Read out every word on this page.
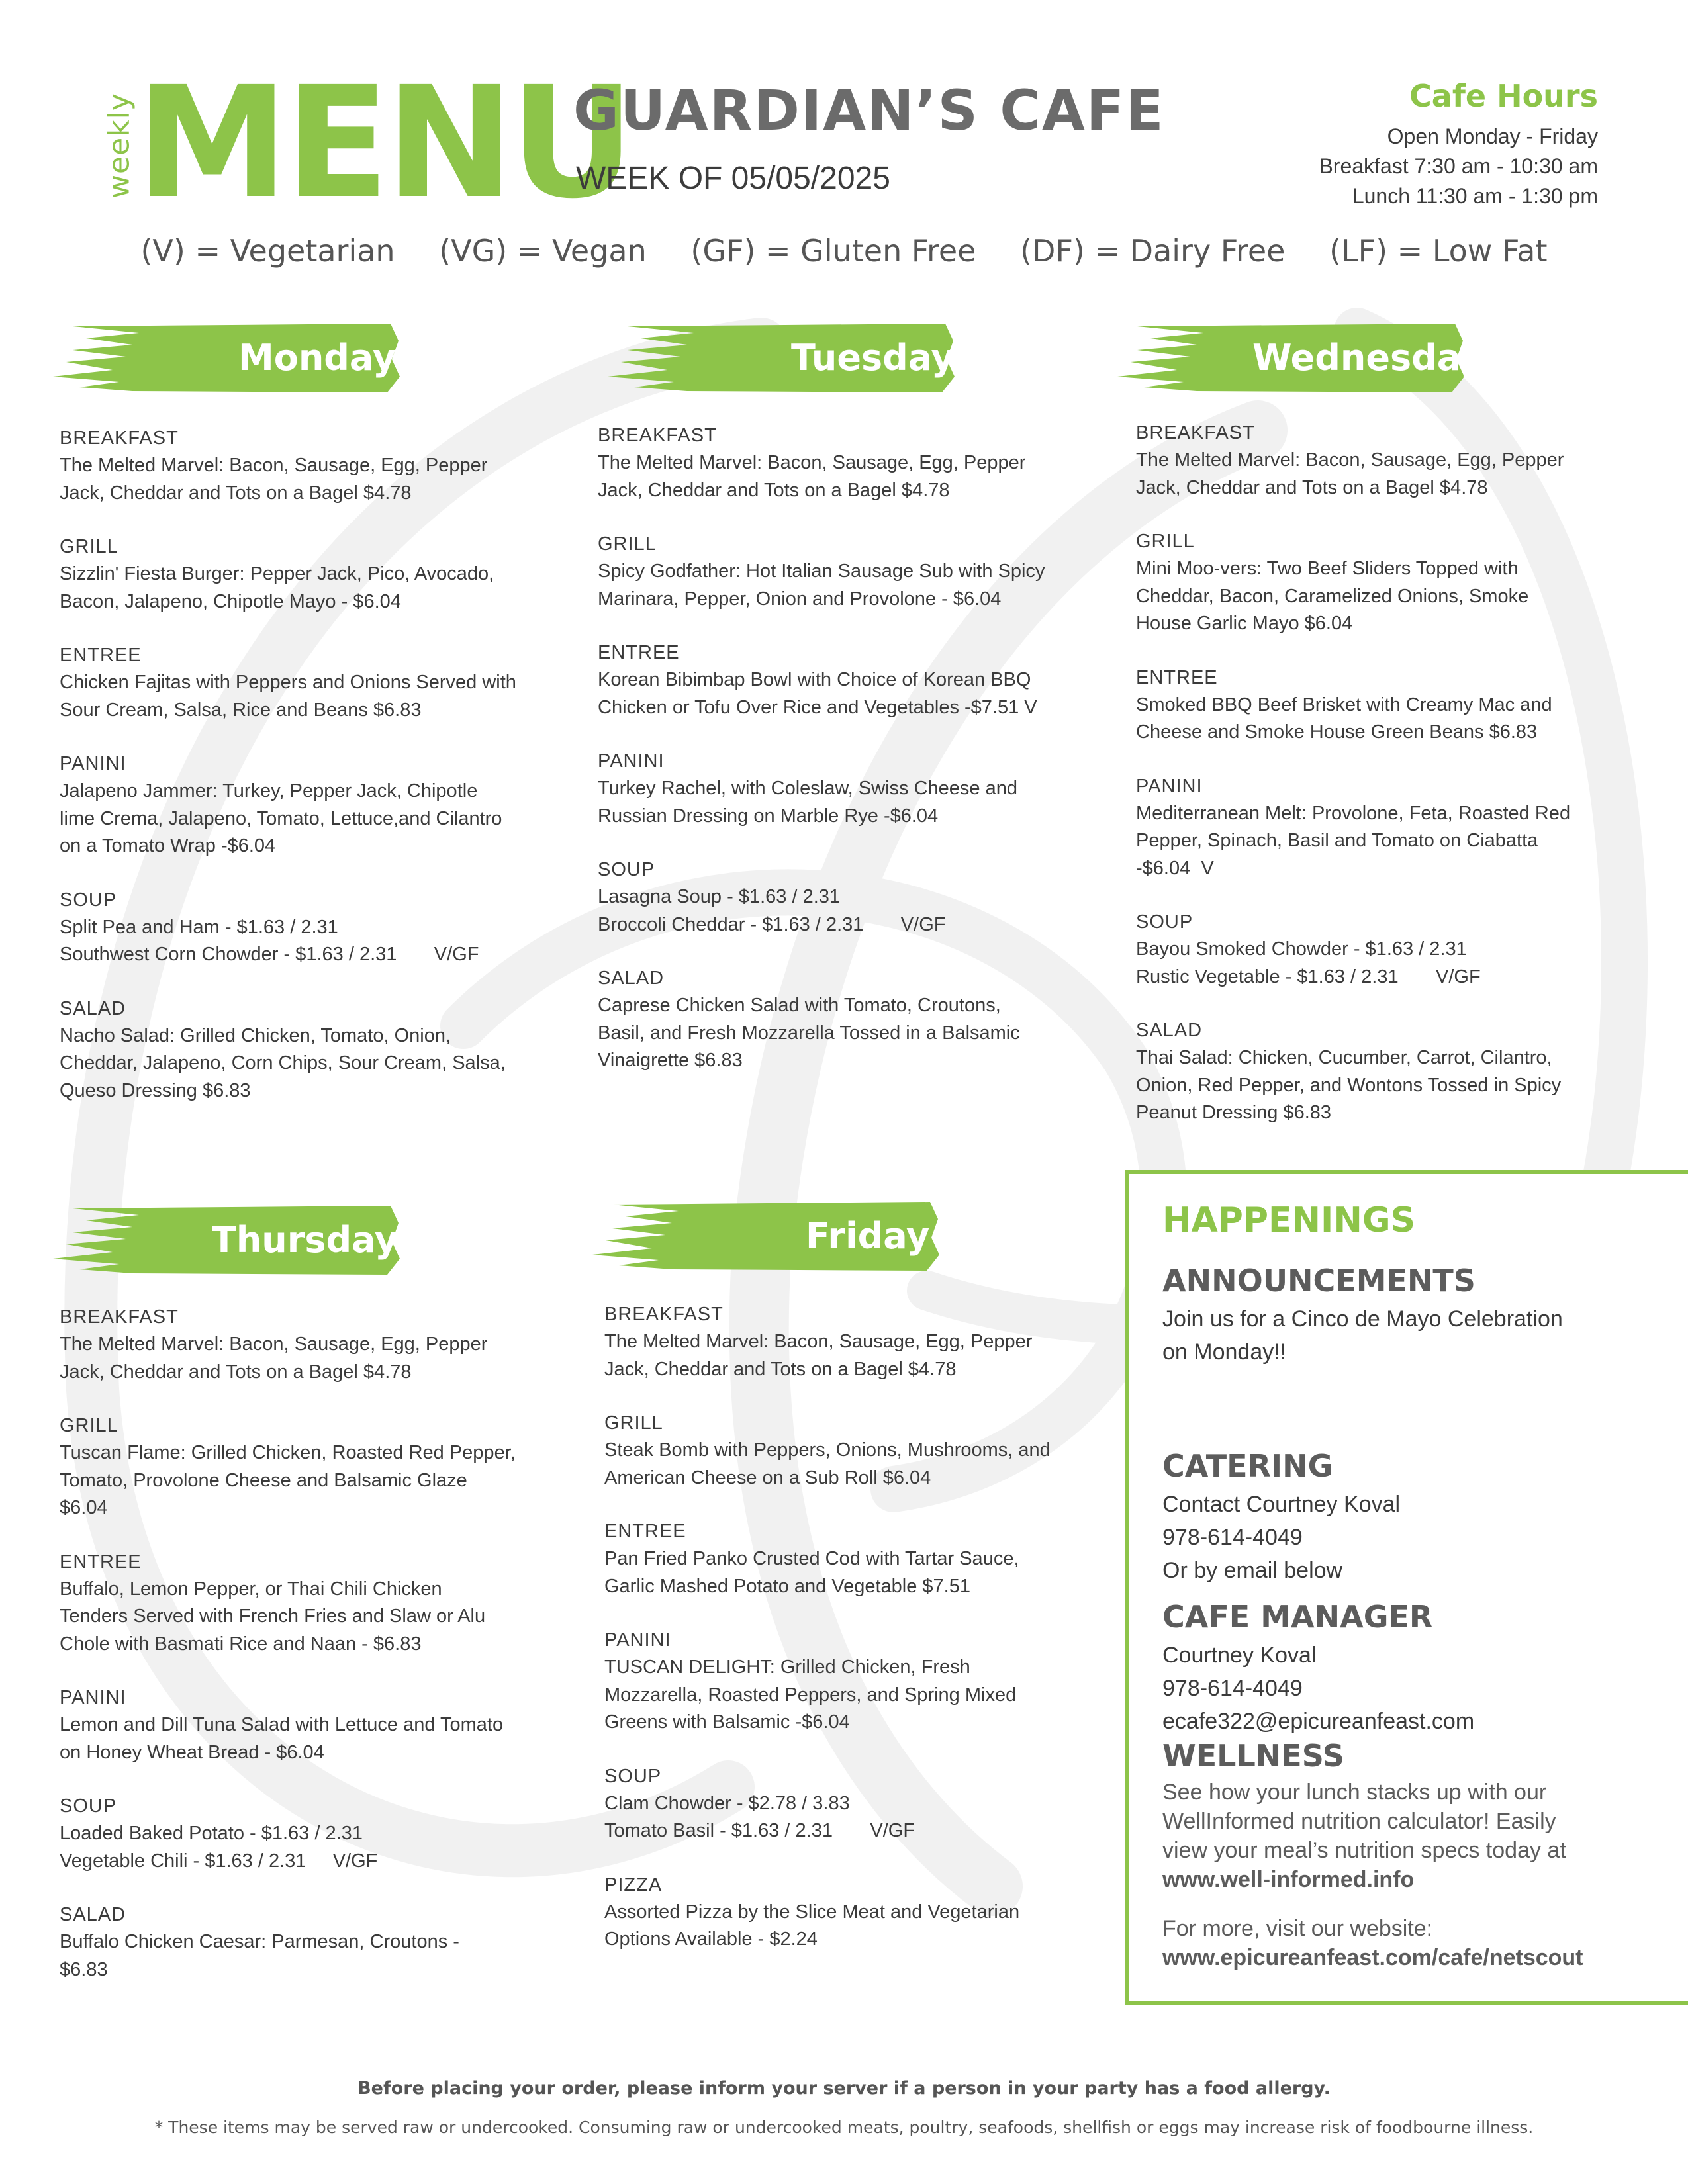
weekly MENU
GUARDIAN’S CAFE
WEEK OF 05/05/2025
Cafe Hours
Open Monday - Friday
Breakfast 7:30 am - 10:30 am
Lunch 11:30 am - 1:30 pm
(V) = Vegetarian (VG) = Vegan (GF) = Gluten Free (DF) = Dairy Free (LF) = Low Fat
Monday	Tuesday	Wednesday
Thursday	Friday
BREAKFAST
The Melted Marvel: Bacon, Sausage, Egg, Pepper
Jack, Cheddar and Tots on a Bagel $4.78
GRILL
Sizzlin' Fiesta Burger: Pepper Jack, Pico, Avocado,
Bacon, Jalapeno, Chipotle Mayo - $6.04
ENTREE
Chicken Fajitas with Peppers and Onions Served with
Sour Cream, Salsa, Rice and Beans $6.83
PANINI
Jalapeno Jammer: Turkey, Pepper Jack, Chipotle
lime Crema, Jalapeno, Tomato, Lettuce,and Cilantro
on a Tomato Wrap -$6.04
SOUP
Split Pea and Ham - $1.63 / 2.31
Southwest Corn Chowder - $1.63 / 2.31       V/GF
SALAD
Nacho Salad: Grilled Chicken, Tomato, Onion,
Cheddar, Jalapeno, Corn Chips, Sour Cream, Salsa,
Queso Dressing $6.83
BREAKFAST
The Melted Marvel: Bacon, Sausage, Egg, Pepper
Jack, Cheddar and Tots on a Bagel $4.78
GRILL
Spicy Godfather: Hot Italian Sausage Sub with Spicy
Marinara, Pepper, Onion and Provolone - $6.04
ENTREE
Korean Bibimbap Bowl with Choice of Korean BBQ
Chicken or Tofu Over Rice and Vegetables -$7.51 V
PANINI
Turkey Rachel, with Coleslaw, Swiss Cheese and
Russian Dressing on Marble Rye -$6.04
SOUP
Lasagna Soup - $1.63 / 2.31
Broccoli Cheddar - $1.63 / 2.31       V/GF
SALAD
Caprese Chicken Salad with Tomato, Croutons,
Basil, and Fresh Mozzarella Tossed in a Balsamic
Vinaigrette $6.83
BREAKFAST
The Melted Marvel: Bacon, Sausage, Egg, Pepper
Jack, Cheddar and Tots on a Bagel $4.78
GRILL
Mini Moo-vers: Two Beef Sliders Topped with
Cheddar, Bacon, Caramelized Onions, Smoke
House Garlic Mayo $6.04
ENTREE
Smoked BBQ Beef Brisket with Creamy Mac and
Cheese and Smoke House Green Beans $6.83
PANINI
Mediterranean Melt: Provolone, Feta, Roasted Red
Pepper, Spinach, Basil and Tomato on Ciabatta
-$6.04  V
SOUP
Bayou Smoked Chowder - $1.63 / 2.31
Rustic Vegetable - $1.63 / 2.31       V/GF
SALAD
Thai Salad: Chicken, Cucumber, Carrot, Cilantro,
Onion, Red Pepper, and Wontons Tossed in Spicy
Peanut Dressing $6.83
BREAKFAST
The Melted Marvel: Bacon, Sausage, Egg, Pepper
Jack, Cheddar and Tots on a Bagel $4.78
GRILL
Tuscan Flame: Grilled Chicken, Roasted Red Pepper,
Tomato, Provolone Cheese and Balsamic Glaze
$6.04
ENTREE
Buffalo, Lemon Pepper, or Thai Chili Chicken
Tenders Served with French Fries and Slaw or Alu
Chole with Basmati Rice and Naan - $6.83
PANINI
Lemon and Dill Tuna Salad with Lettuce and Tomato
on Honey Wheat Bread - $6.04
SOUP
Loaded Baked Potato - $1.63 / 2.31
Vegetable Chili - $1.63 / 2.31     V/GF
SALAD
Buffalo Chicken Caesar: Parmesan, Croutons -
$6.83
BREAKFAST
The Melted Marvel: Bacon, Sausage, Egg, Pepper
Jack, Cheddar and Tots on a Bagel $4.78
GRILL
Steak Bomb with Peppers, Onions, Mushrooms, and
American Cheese on a Sub Roll $6.04
ENTREE
Pan Fried Panko Crusted Cod with Tartar Sauce,
Garlic Mashed Potato and Vegetable $7.51
PANINI
TUSCAN DELIGHT: Grilled Chicken, Fresh
Mozzarella, Roasted Peppers, and Spring Mixed
Greens with Balsamic -$6.04
SOUP
Clam Chowder - $2.78 / 3.83
Tomato Basil - $1.63 / 2.31       V/GF
PIZZA
Assorted Pizza by the Slice Meat and Vegetarian
Options Available - $2.24
HAPPENINGS
ANNOUNCEMENTS
Join us for a Cinco de Mayo Celebration
on Monday!!
CATERING
Contact Courtney Koval
978-614-4049
Or by email below
CAFE MANAGER
Courtney Koval
978-614-4049
ecafe322@epicureanfeast.com
WELLNESS
See how your lunch stacks up with our
WellInformed nutrition calculator! Easily
view your meal’s nutrition specs today at
www.well-informed.info
For more, visit our website:
www.epicureanfeast.com/cafe/netscout
Before placing your order, please inform your server if a person in your party has a food allergy.
* These items may be served raw or undercooked. Consuming raw or undercooked meats, poultry, seafoods, shellfish or eggs may increase risk of foodbourne illness.
